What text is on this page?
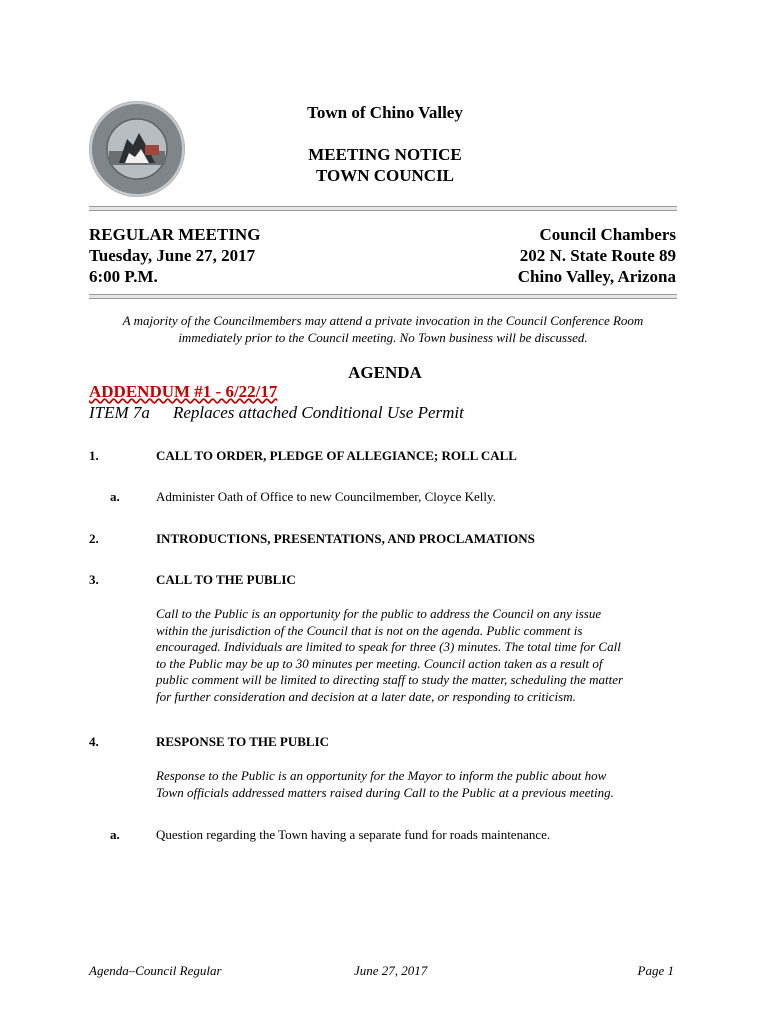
Town of Chino Valley
MEETING NOTICE
TOWN COUNCIL
REGULAR MEETING
Tuesday, June 27, 2017
6:00 P.M.
Council Chambers
202 N. State Route 89
Chino Valley, Arizona
A majority of the Councilmembers may attend a private invocation in the Council Conference Room
immediately prior to the Council meeting. No Town business will be discussed.
AGENDA
ADDENDUM #1 - 6/22/17
ITEM 7a Replaces attached Conditional Use Permit
1.	CALL TO ORDER, PLEDGE OF ALLEGIANCE; ROLL CALL
a.	Administer Oath of Office to new Councilmember, Cloyce Kelly.
2.	INTRODUCTIONS, PRESENTATIONS, AND PROCLAMATIONS
3.	CALL TO THE PUBLIC
Call to the Public is an opportunity for the public to address the Council on any issue
within the jurisdiction of the Council that is not on the agenda. Public comment is
encouraged. Individuals are limited to speak for three (3) minutes. The total time for Call
to the Public may be up to 30 minutes per meeting. Council action taken as a result of
public comment will be limited to directing staff to study the matter, scheduling the matter
for further consideration and decision at a later date, or responding to criticism.
4.	RESPONSE TO THE PUBLIC
Response to the Public is an opportunity for the Mayor to inform the public about how
Town officials addressed matters raised during Call to the Public at a previous meeting.
a.	Question regarding the Town having a separate fund for roads maintenance.
Agenda–Council Regular	June 27, 2017	Page 1
